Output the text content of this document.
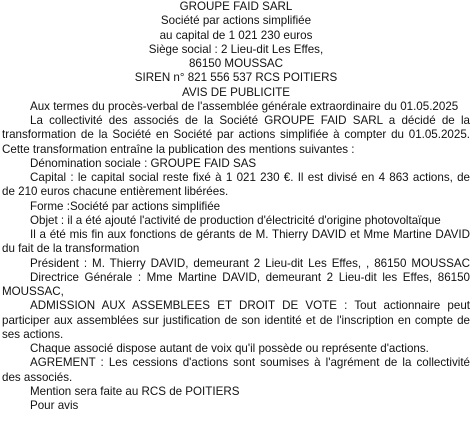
GROUPE FAID SARL
Société par actions simplifiée
au capital de 1 021 230 euros
Siège social : 2 Lieu-dit Les Effes,
86150 MOUSSAC
SIREN n° 821 556 537 RCS POITIERS
AVIS DE PUBLICITE
Aux termes du procès-verbal de l'assemblée générale extraordinaire du 01.05.2025
La collectivité des associés de la Société GROUPE FAID SARL a décidé de la
transformation de la Société en Société par actions simplifiée à compter du 01.05.2025.
Cette transformation entraîne la publication des mentions suivantes :
Dénomination sociale : GROUPE FAID SAS
Capital : le capital social reste fixé à 1 021 230 €. Il est divisé en 4 863 actions, de
de 210 euros chacune entièrement libérées.
Forme :Société par actions simplifiée
Objet : il a été ajouté l'activité de production d'électricité d'origine photovoltaïque
Il a été mis fin aux fonctions de gérants de M. Thierry DAVID et Mme Martine DAVID
du fait de la transformation
Président : M. Thierry DAVID, demeurant 2 Lieu-dit Les Effes, , 86150 MOUSSAC
Directrice Générale : Mme Martine DAVID, demeurant 2 Lieu-dit les Effes, 86150
MOUSSAC,
ADMISSION AUX ASSEMBLEES ET DROIT DE VOTE : Tout actionnaire peut
participer aux assemblées sur justification de son identité et de l'inscription en compte de
ses actions.
Chaque associé dispose autant de voix qu'il possède ou représente d'actions.
AGREMENT : Les cessions d'actions sont soumises à l'agrément de la collectivité
des associés.
Mention sera faite au RCS de POITIERS
Pour avis
